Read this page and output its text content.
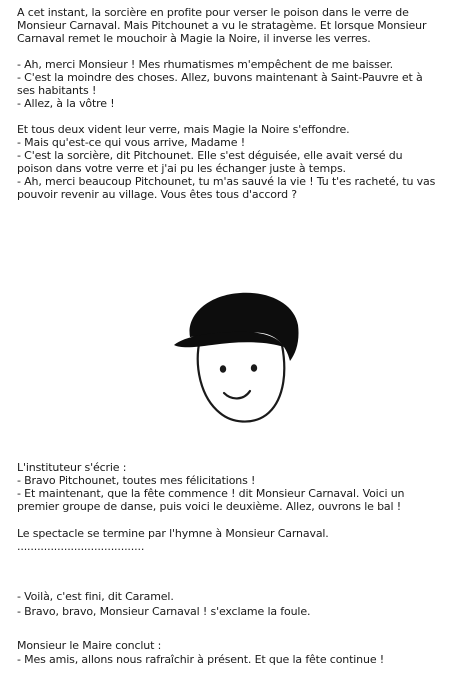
A cet instant, la sorcière en profite pour verser le poison dans le verre de
Monsieur Carnaval. Mais Pitchounet a vu le stratagème. Et lorsque Monsieur
Carnaval remet le mouchoir à Magie la Noire, il inverse les verres.
- Ah, merci Monsieur ! Mes rhumatismes m'empêchent de me baisser.
- C'est la moindre des choses. Allez, buvons maintenant à Saint-Pauvre et à
ses habitants !
- Allez, à la vôtre !
Et tous deux vident leur verre, mais Magie la Noire s'effondre.
- Mais qu'est-ce qui vous arrive, Madame !
- C'est la sorcière, dit Pitchounet. Elle s'est déguisée, elle avait versé du
poison dans votre verre et j'ai pu les échanger juste à temps.
- Ah, merci beaucoup Pitchounet, tu m'as sauvé la vie ! Tu t'es racheté, tu vas
pouvoir revenir au village. Vous êtes tous d'accord ?
L'instituteur s'écrie :
- Bravo Pitchounet, toutes mes félicitations !
- Et maintenant, que la fête commence ! dit Monsieur Carnaval. Voici un
premier groupe de danse, puis voici le deuxième. Allez, ouvrons le bal !
Le spectacle se termine par l'hymne à Monsieur Carnaval.
......................................
- Voilà, c'est fini, dit Caramel.
- Bravo, bravo, Monsieur Carnaval ! s'exclame la foule.
Monsieur le Maire conclut :
- Mes amis, allons nous rafraîchir à présent. Et que la fête continue !
